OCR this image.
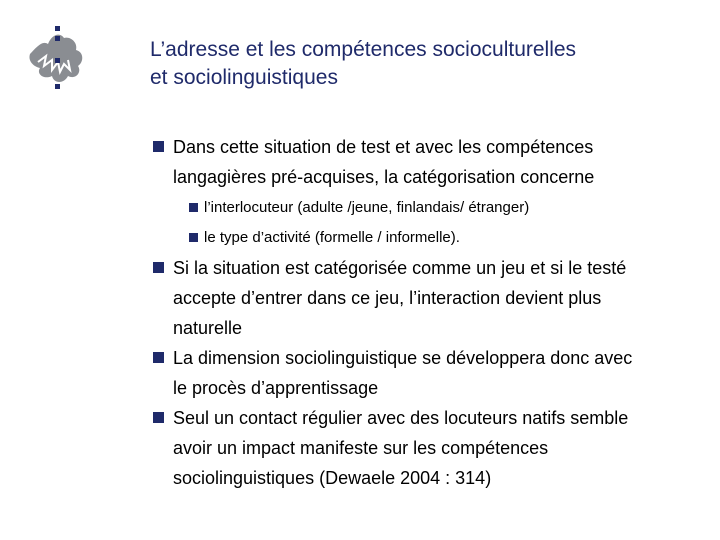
L’adresse et les compétences socioculturelles
et sociolinguistiques
Dans cette situation de test et avec les compétences
langagières pré-acquises, la catégorisation concerne
l’interlocuteur (adulte /jeune, finlandais/ étranger)
le type d’activité (formelle / informelle).
Si la situation est catégorisée comme un jeu et si le testé
accepte d’entrer dans ce jeu, l’interaction devient plus
naturelle
La dimension sociolinguistique se développera donc avec
le procès d’apprentissage
Seul un contact régulier avec des locuteurs natifs semble
avoir un impact manifeste sur les compétences
sociolinguistiques (Dewaele 2004 : 314)
